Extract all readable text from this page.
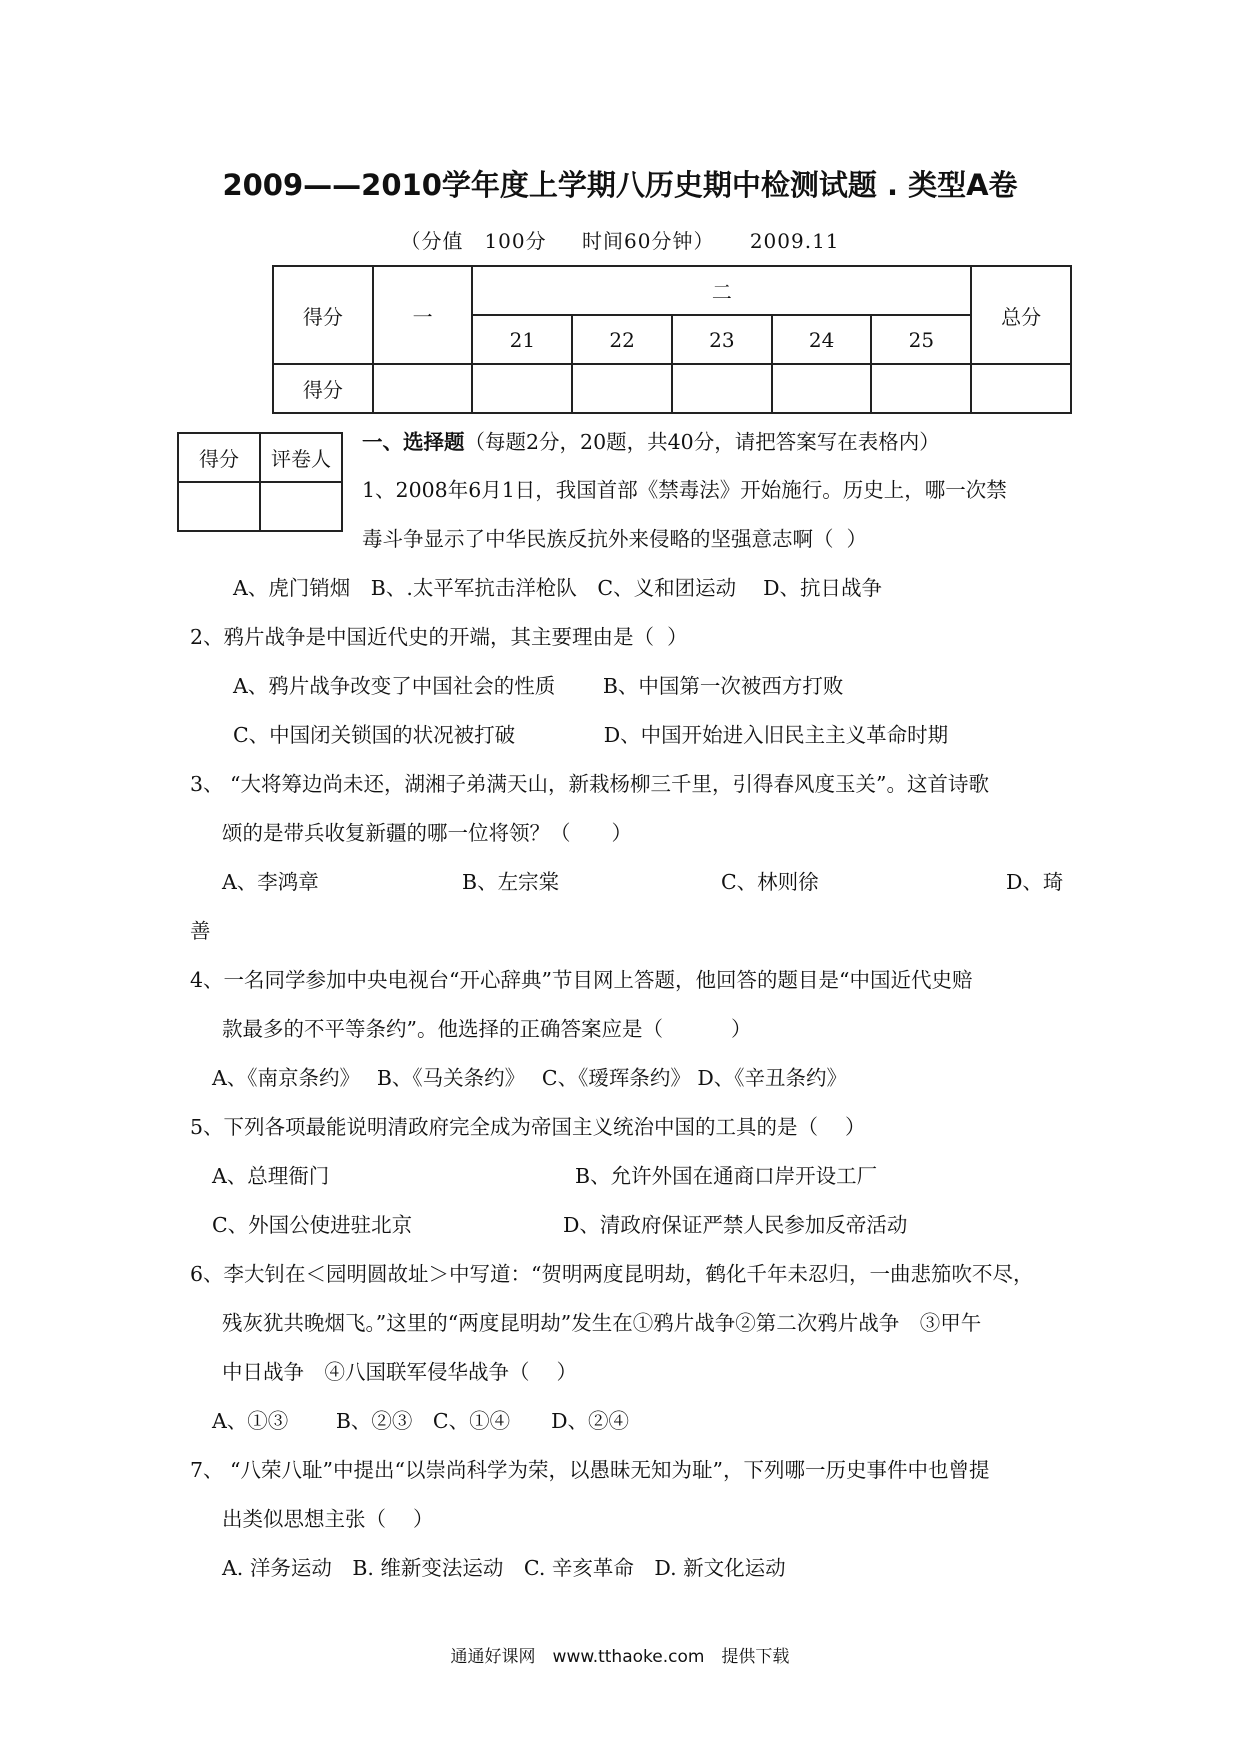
2009——2010学年度上学期八历史期中检测试题 . 类型A卷
（分值　100分 时间60分钟） 2009.11
得分	一	二					总分
		21	22	23	24	25	
得分							
得分	评卷人

一、选择题（每题2分，20题，共40分，请把答案写在表格内）
1、2008年6月1日，我国首部《禁毒法》开始施行。历史上，哪一次禁
毒斗争显示了中华民族反抗外来侵略的坚强意志啊（  ）
A、虎门销烟　B、.太平军抗击洋枪队　C、义和团运动　 D、抗日战争
2、鸦片战争是中国近代史的开端，其主要理由是（  ）
A、鸦片战争改变了中国社会的性质　　 B、中国第一次被西方打败
C、中国闭关锁国的状况被打破　　　　 D、中国开始进入旧民主主义革命时期
3、 “大将筹边尚未还，湖湘子弟满天山，新栽杨柳三千里，引得春风度玉关”。这首诗歌
颂的是带兵收复新疆的哪一位将领？（　　）
A、李鸿章	B、左宗棠	C、林则徐	D、琦
善
4、一名同学参加中央电视台“开心辞典”节目网上答题，他回答的题目是“中国近代史赔
款最多的不平等条约”。他选择的正确答案应是（　　　 ）
A、《南京条约》　 B、《马关条约》　 C、《瑷珲条约》 D、《辛丑条约》
5、下列各项最能说明清政府完全成为帝国主义统治中国的工具的是（　 ）
A、总理衙门	B、允许外国在通商口岸开设工厂
C、外国公使进驻北京	D、清政府保证严禁人民参加反帝活动
6、李大钊在＜园明圆故址＞中写道：“贺明两度昆明劫，鹤化千年未忍归，一曲悲笳吹不尽，
残灰犹共晚烟飞。”这里的“两度昆明劫”发生在①鸦片战争②第二次鸦片战争　③甲午
中日战争　④八国联军侵华战争（　 ）
A、①③　　 B、②③　C、①④　　D、②④
7、 “八荣八耻”中提出“以崇尚科学为荣，以愚昧无知为耻”，下列哪一历史事件中也曾提
出类似思想主张（　 ）
A. 洋务运动　B. 维新变法运动　C. 辛亥革命　D. 新文化运动
通通好课网　www.tthaoke.com　提供下载
